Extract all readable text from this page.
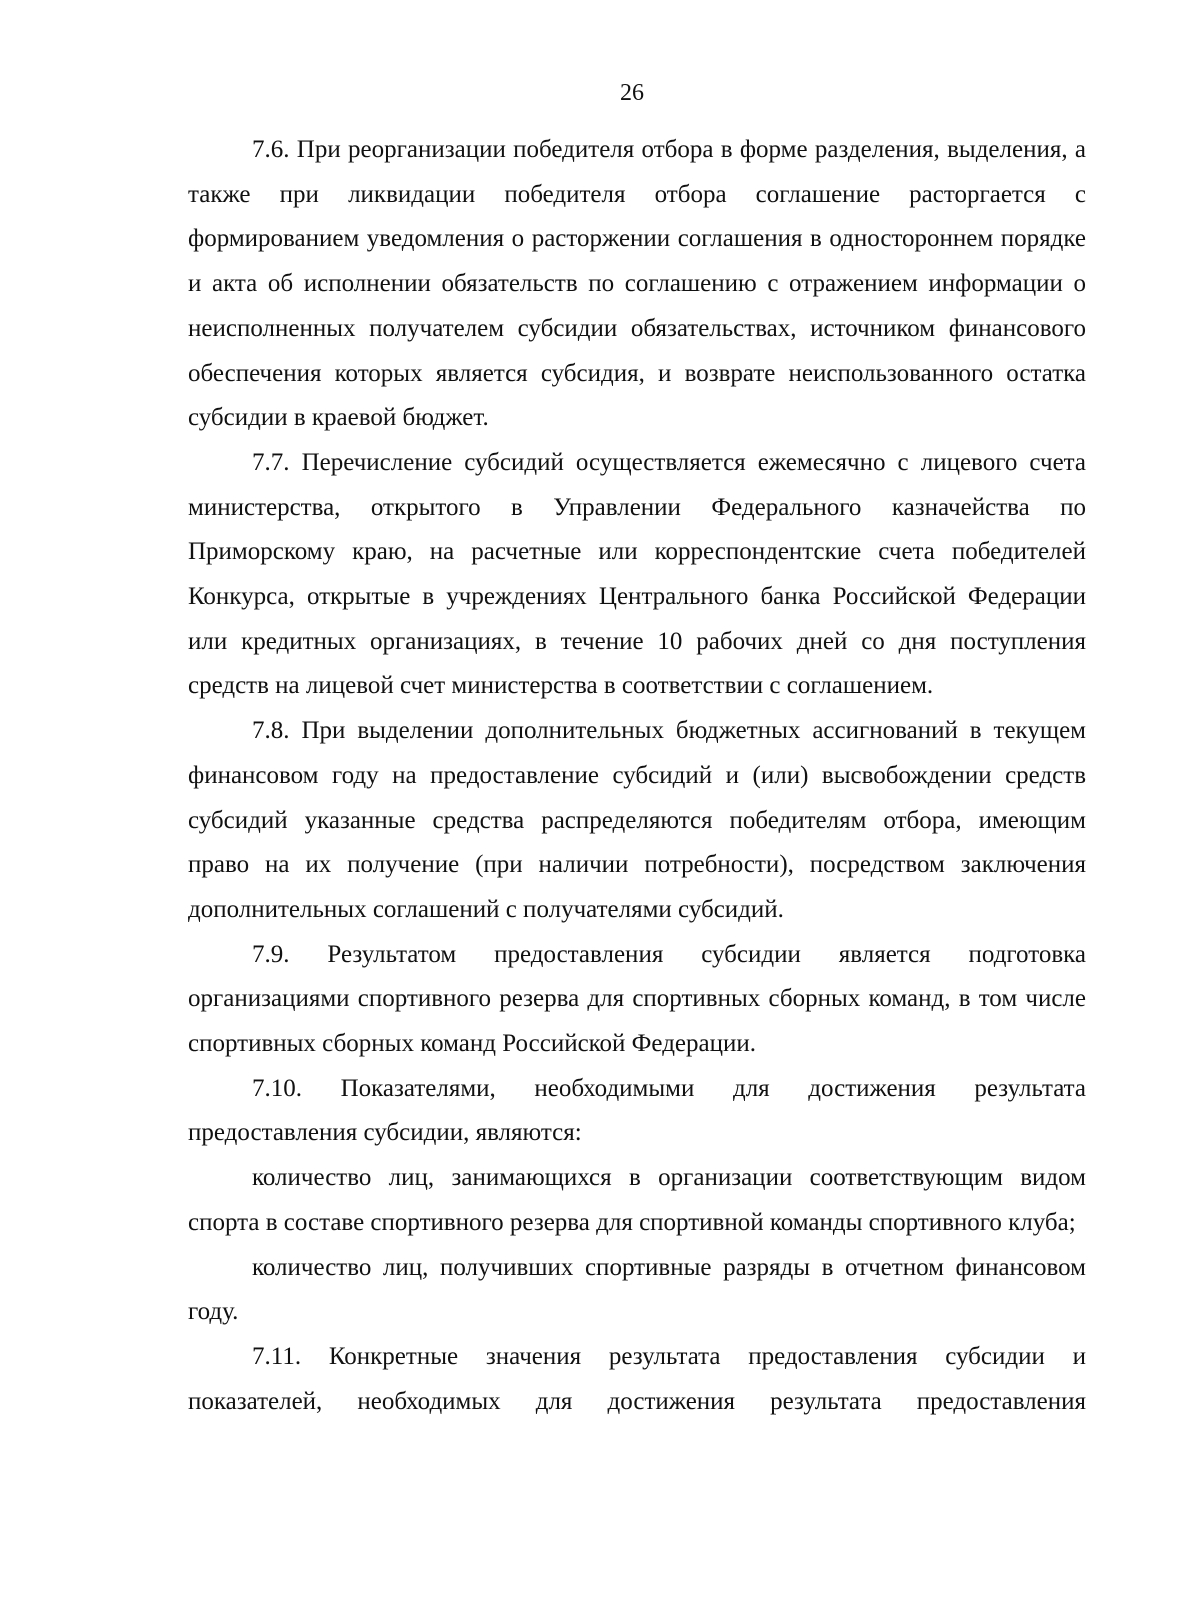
26

7.6. При реорганизации победителя отбора в форме разделения, выделения, а также при ликвидации победителя отбора соглашение расторгается с формированием уведомления о расторжении соглашения в одностороннем порядке и акта об исполнении обязательств по соглашению с отражением информации о неисполненных получателем субсидии обязательствах, источником финансового обеспечения которых является субсидия, и возврате неиспользованного остатка субсидии в краевой бюджет.

7.7. Перечисление субсидий осуществляется ежемесячно с лицевого счета министерства, открытого в Управлении Федерального казначейства по Приморскому краю, на расчетные или корреспондентские счета победителей Конкурса, открытые в учреждениях Центрального банка Российской Федерации или кредитных организациях, в течение 10 рабочих дней со дня поступления средств на лицевой счет министерства в соответствии с соглашением.

7.8. При выделении дополнительных бюджетных ассигнований в текущем финансовом году на предоставление субсидий и (или) высвобождении средств субсидий указанные средства распределяются победителям отбора, имеющим право на их получение (при наличии потребности), посредством заключения дополнительных соглашений с получателями субсидий.

7.9. Результатом предоставления субсидии является подготовка организациями спортивного резерва для спортивных сборных команд, в том числе спортивных сборных команд Российской Федерации.

7.10. Показателями, необходимыми для достижения результата предоставления субсидии, являются:

количество лиц, занимающихся в организации соответствующим видом спорта в составе спортивного резерва для спортивной команды спортивного клуба;

количество лиц, получивших спортивные разряды в отчетном финансовом году.

7.11. Конкретные значения результата предоставления субсидии и показателей, необходимых для достижения результата предоставления
